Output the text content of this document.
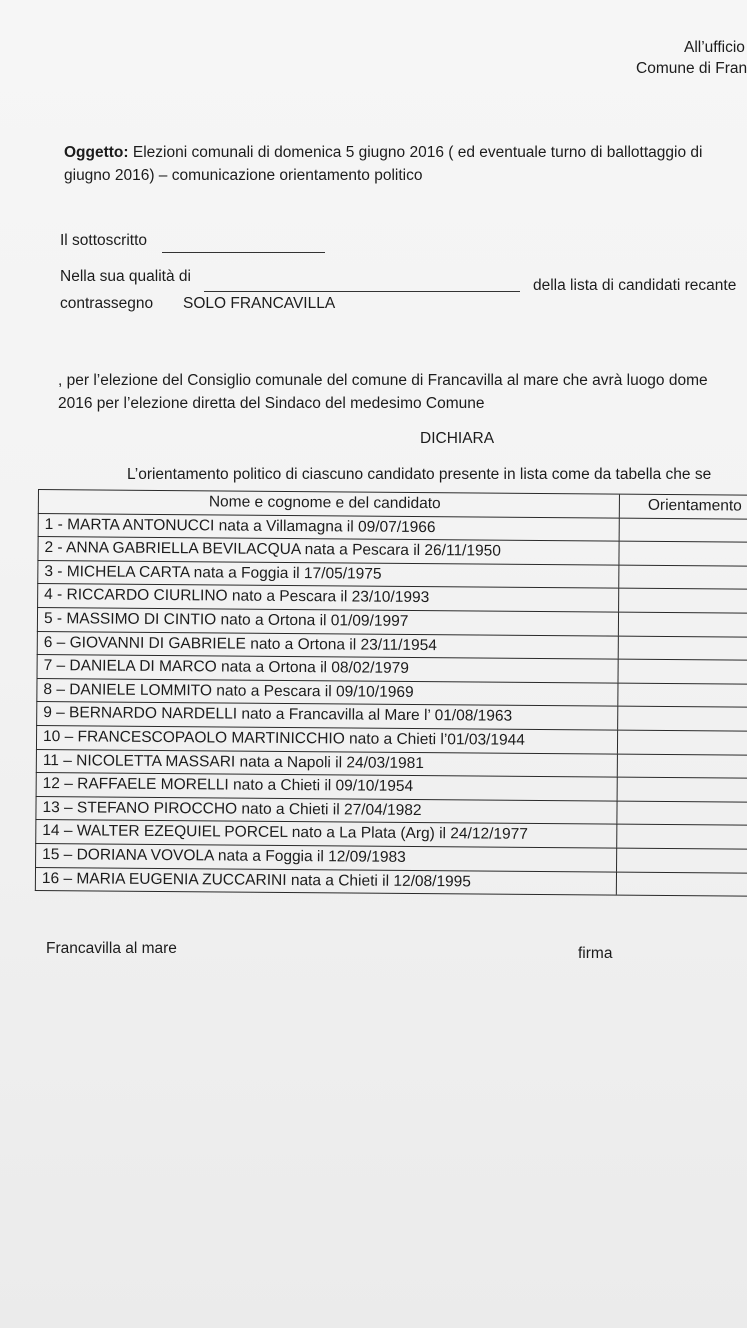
All’ufficio
Comune di Fran
Oggetto: Elezioni comunali di domenica 5 giugno 2016 ( ed eventuale turno di ballottaggio di
giugno 2016) – comunicazione orientamento politico
Il sottoscritto
Nella sua qualità di
della lista di candidati recante
contrassegno SOLO FRANCAVILLA
, per l’elezione del Consiglio comunale del comune di Francavilla al mare che avrà luogo dome
2016 per l’elezione diretta del Sindaco del medesimo Comune
DICHIARA
L’orientamento politico di ciascuno candidato presente in lista come da tabella che se
Nome e cognome e del candidato	Orientamento
1 - MARTA ANTONUCCI nata a Villamagna il 09/07/1966
2 - ANNA GABRIELLA BEVILACQUA nata a Pescara il 26/11/1950
3 - MICHELA CARTA nata a Foggia il 17/05/1975
4 - RICCARDO CIURLINO nato a Pescara il 23/10/1993
5 - MASSIMO DI CINTIO nato a Ortona il 01/09/1997
6 – GIOVANNI DI GABRIELE nato a Ortona il 23/11/1954
7 – DANIELA DI MARCO nata a Ortona il 08/02/1979
8 – DANIELE LOMMITO nato a Pescara il 09/10/1969
9 – BERNARDO NARDELLI nato a Francavilla al Mare l’ 01/08/1963
10 – FRANCESCOPAOLO MARTINICCHIO nato a Chieti l’01/03/1944
11 – NICOLETTA MASSARI nata a Napoli il 24/03/1981
12 – RAFFAELE MORELLI nato a Chieti il 09/10/1954
13 – STEFANO PIROCCHO nato a Chieti il 27/04/1982
14 – WALTER EZEQUIEL PORCEL nato a La Plata (Arg) il 24/12/1977
15 – DORIANA VOVOLA nata a Foggia il 12/09/1983
16 – MARIA EUGENIA ZUCCARINI nata a Chieti il 12/08/1995
Francavilla al mare	firma
